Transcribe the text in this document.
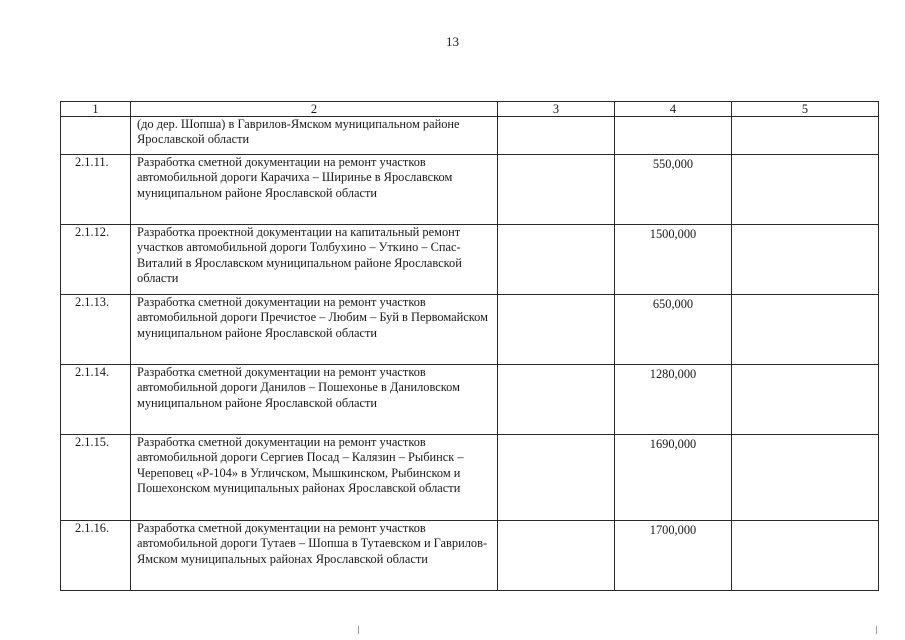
13
1	2	3	4	5
	(до дер. Шопша) в Гаврилов-Ямском муниципальном районе Ярославской области			
2.1.11.	Разработка сметной документации на ремонт участков автомобильной дороги Карачиха – Ширинье в Ярославском муниципальном районе Ярославской области		550,000	
2.1.12.	Разработка проектной документации на капитальный ремонт участков автомобильной дороги Толбухино – Уткино – Спас-Виталий в Ярославском муниципальном районе Ярославской области		1500,000	
2.1.13.	Разработка сметной документации на ремонт участков автомобильной дороги Пречистое – Любим – Буй в Первомайском муниципальном районе Ярославской области		650,000	
2.1.14.	Разработка сметной документации на ремонт участков автомобильной дороги Данилов – Пошехонье в Даниловском муниципальном районе Ярославской области		1280,000	
2.1.15.	Разработка сметной документации на ремонт участков автомобильной дороги Сергиев Посад – Калязин – Рыбинск – Череповец «Р-104» в Угличском, Мышкинском, Рыбинском и Пошехонском муниципальных районах Ярославской области		1690,000	
2.1.16.	Разработка сметной документации на ремонт участков автомобильной дороги Тутаев – Шопша в Тутаевском и Гаврилов-Ямском муниципальных районах Ярославской области		1700,000	
